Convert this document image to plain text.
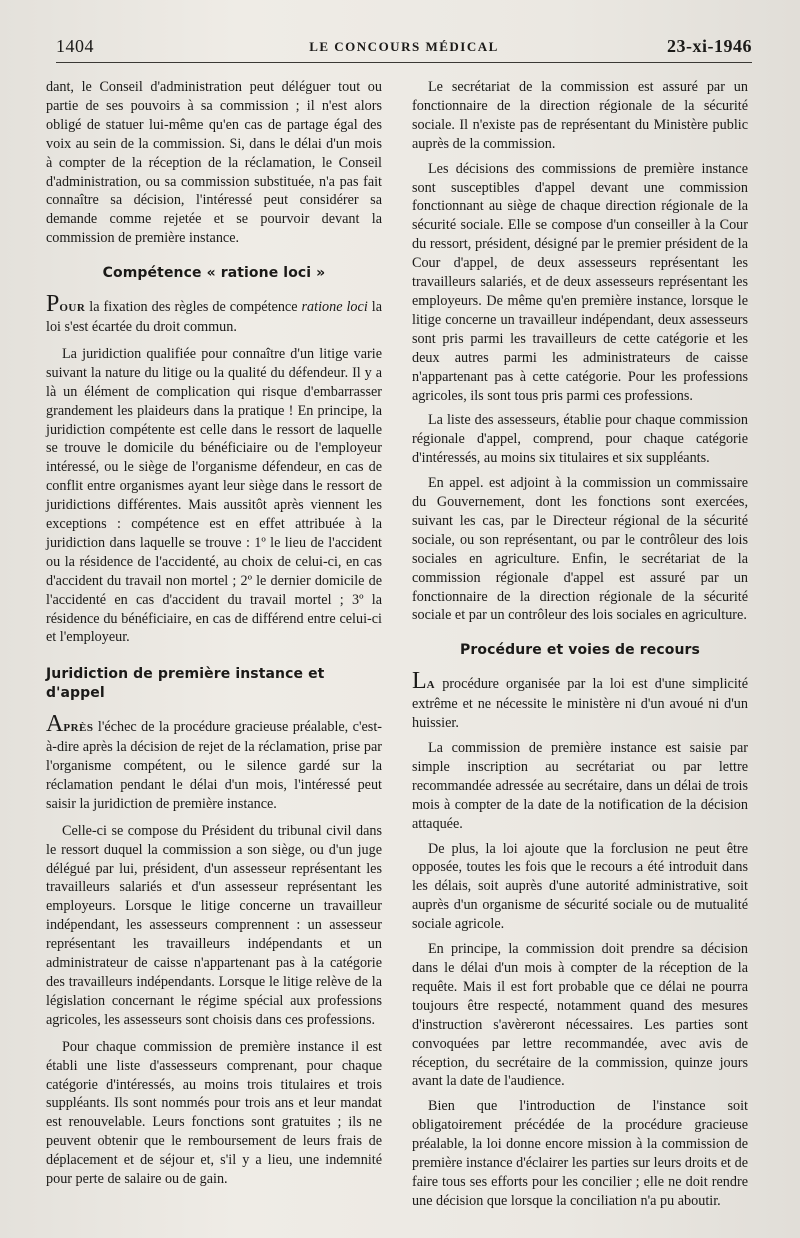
1404	LE CONCOURS MÉDICAL	23-xi-1946

dant, le Conseil d'administration peut déléguer tout ou partie de ses pouvoirs à sa commission ; il n'est alors obligé de statuer lui-même qu'en cas de partage égal des voix au sein de la commission. Si, dans le délai d'un mois à compter de la réception de la réclamation, le Conseil d'administration, ou sa commission substituée, n'a pas fait connaître sa décision, l'intéressé peut considérer sa demande comme rejetée et se pourvoir devant la commission de première instance.

Compétence « ratione loci »

POUR la fixation des règles de compétence ratione loci la loi s'est écartée du droit commun.

La juridiction qualifiée pour connaître d'un litige varie suivant la nature du litige ou la qualité du défendeur. Il y a là un élément de complication qui risque d'embarrasser grandement les plaideurs dans la pratique ! En principe, la juridiction compétente est celle dans le ressort de laquelle se trouve le domicile du bénéficiaire ou de l'employeur intéressé, ou le siège de l'organisme défendeur, en cas de conflit entre organismes ayant leur siège dans le ressort de juridictions différentes. Mais aussitôt après viennent les exceptions : compétence est en effet attribuée à la juridiction dans laquelle se trouve : 1º le lieu de l'accident ou la résidence de l'accidenté, au choix de celui-ci, en cas d'accident du travail non mortel ; 2º le dernier domicile de l'accidenté en cas d'accident du travail mortel ; 3º la résidence du bénéficiaire, en cas de différend entre celui-ci et l'employeur.

Juridiction de première instance et d'appel

APRÈS l'échec de la procédure gracieuse préalable, c'est-à-dire après la décision de rejet de la réclamation, prise par l'organisme compétent, ou le silence gardé sur la réclamation pendant le délai d'un mois, l'intéressé peut saisir la juridiction de première instance.

Celle-ci se compose du Président du tribunal civil dans le ressort duquel la commission a son siège, ou d'un juge délégué par lui, président, d'un assesseur représentant les travailleurs salariés et d'un assesseur représentant les employeurs. Lorsque le litige concerne un travailleur indépendant, les assesseurs comprennent : un assesseur représentant les travailleurs indépendants et un administrateur de caisse n'appartenant pas à la catégorie des travailleurs indépendants. Lorsque le litige relève de la législation concernant le régime spécial aux professions agricoles, les assesseurs sont choisis dans ces professions.

Pour chaque commission de première instance il est établi une liste d'assesseurs comprenant, pour chaque catégorie d'intéressés, au moins trois titulaires et trois suppléants. Ils sont nommés pour trois ans et leur mandat est renouvelable. Leurs fonctions sont gratuites ; ils ne peuvent obtenir que le remboursement de leurs frais de déplacement et de séjour et, s'il y a lieu, une indemnité pour perte de salaire ou de gain.

Le secrétariat de la commission est assuré par un fonctionnaire de la direction régionale de la sécurité sociale. Il n'existe pas de représentant du Ministère public auprès de la commission.

Les décisions des commissions de première instance sont susceptibles d'appel devant une commission fonctionnant au siège de chaque direction régionale de la sécurité sociale. Elle se compose d'un conseiller à la Cour du ressort, président, désigné par le premier président de la Cour d'appel, de deux assesseurs représentant les travailleurs salariés, et de deux assesseurs représentant les employeurs. De même qu'en première instance, lorsque le litige concerne un travailleur indépendant, deux assesseurs sont pris parmi les travailleurs de cette catégorie et les deux autres parmi les administrateurs de caisse n'appartenant pas à cette catégorie. Pour les professions agricoles, ils sont tous pris parmi ces professions.

La liste des assesseurs, établie pour chaque commission régionale d'appel, comprend, pour chaque catégorie d'intéressés, au moins six titulaires et six suppléants.

En appel. est adjoint à la commission un commissaire du Gouvernement, dont les fonctions sont exercées, suivant les cas, par le Directeur régional de la sécurité sociale, ou son représentant, ou par le contrôleur des lois sociales en agriculture. Enfin, le secrétariat de la commission régionale d'appel est assuré par un fonctionnaire de la direction régionale de la sécurité sociale et par un contrôleur des lois sociales en agriculture.

Procédure et voies de recours

LA procédure organisée par la loi est d'une simplicité extrême et ne nécessite le ministère ni d'un avoué ni d'un huissier.

La commission de première instance est saisie par simple inscription au secrétariat ou par lettre recommandée adressée au secrétaire, dans un délai de trois mois à compter de la date de la notification de la décision attaquée.

De plus, la loi ajoute que la forclusion ne peut être opposée, toutes les fois que le recours a été introduit dans les délais, soit auprès d'une autorité administrative, soit auprès d'un organisme de sécurité sociale ou de mutualité sociale agricole.

En principe, la commission doit prendre sa décision dans le délai d'un mois à compter de la réception de la requête. Mais il est fort probable que ce délai ne pourra toujours être respecté, notamment quand des mesures d'instruction s'avèreront nécessaires. Les parties sont convoquées par lettre recommandée, avec avis de réception, du secrétaire de la commission, quinze jours avant la date de l'audience.

Bien que l'introduction de l'instance soit obligatoirement précédée de la procédure gracieuse préalable, la loi donne encore mission à la commission de première instance d'éclairer les parties sur leurs droits et de faire tous ses efforts pour les concilier ; elle ne doit rendre une décision que lorsque la conciliation n'a pu aboutir.
